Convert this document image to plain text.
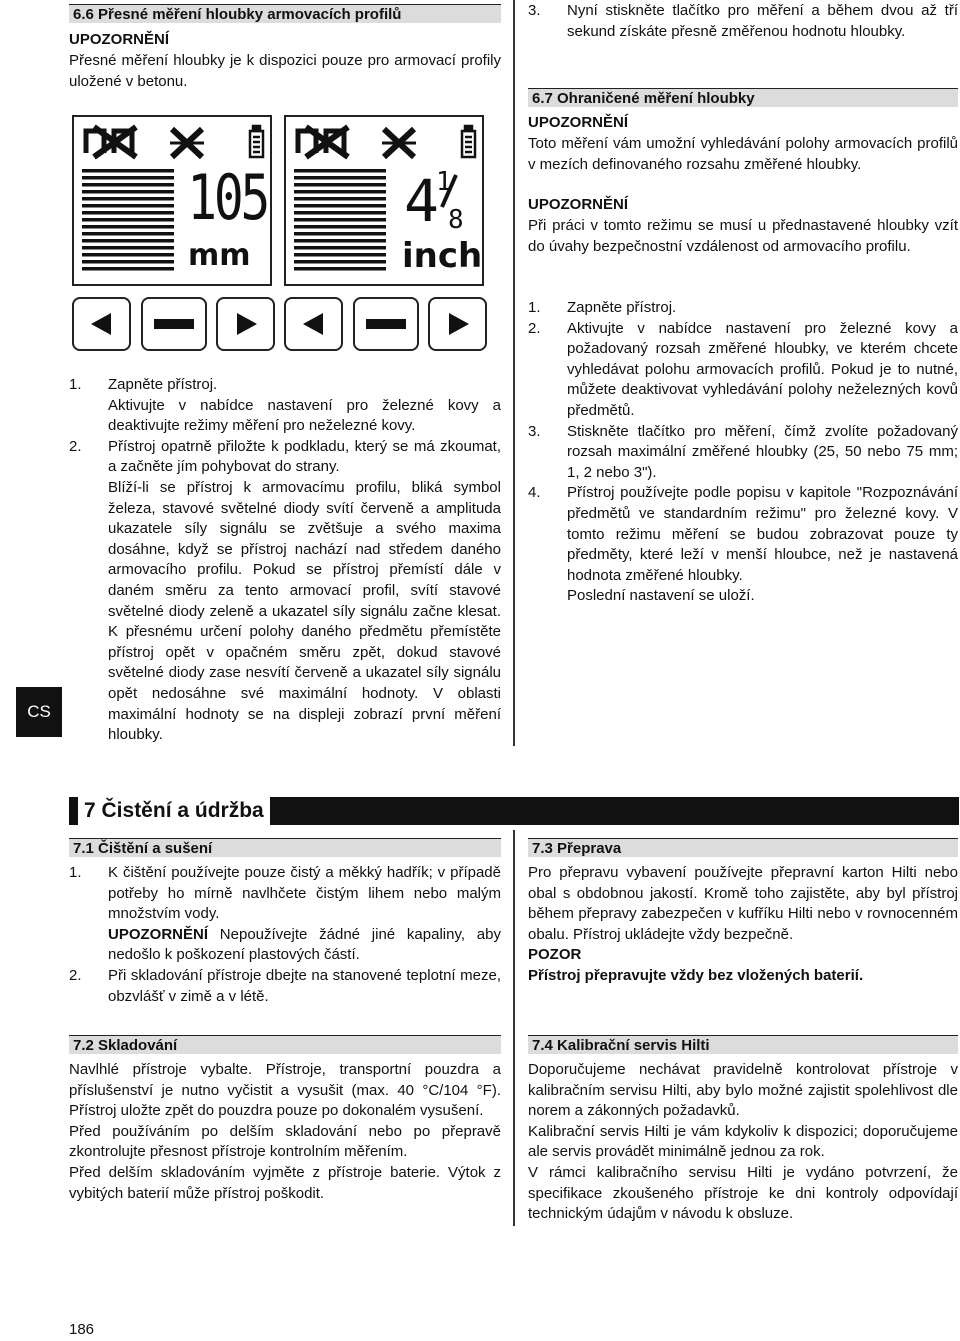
6.6 Přesné měření hloubky armovacích profilů
UPOZORNĚNÍ
Přesné měření hloubky je k dispozici pouze pro armovací profily uložené v betonu.
105
mm
4
1
8
inch
1. Zapněte přístroj.

Aktivujte v nabídce nastavení pro železné kovy a deaktivujte režimy měření pro neželezné kovy.

2. Přístroj opatrně přiložte k podkladu, který se má zkoumat, a začněte jím pohybovat do strany.

Blíží-li se přístroj k armovacímu profilu, bliká symbol železa, stavové světelné diody svítí červeně a amplituda ukazatele síly signálu se zvětšuje a svého maxima dosáhne, když se přístroj nachází nad středem daného armovacího profilu. Pokud se přístroj přemístí dále v daném směru za tento armovací profil, svítí stavové světelné diody zeleně a ukazatel síly signálu začne klesat. K přesnému určení polohy daného předmětu přemístěte přístroj opět v opačném směru zpět, dokud stavové světelné diody zase nesvítí červeně a ukazatel síly signálu opět nedosáhne své maximální hodnoty. V oblasti maximální hodnoty se na displeji zobrazí první měření hloubky.

CS
3. Nyní stiskněte tlačítko pro měření a během dvou až tří sekund získáte přesně změřenou hodnotu hloubky.

6.7 Ohraničené měření hloubky
UPOZORNĚNÍ
Toto měření vám umožní vyhledávání polohy armovacích profilů v mezích definovaného rozsahu změřené hloubky.
UPOZORNĚNÍ
Při práci v tomto režimu se musí u přednastavené hloubky vzít do úvahy bezpečnostní vzdálenost od armovacího profilu.
1. Zapněte přístroj.

2. Aktivujte v nabídce nastavení pro železné kovy a požadovaný rozsah změřené hloubky, ve kterém chcete vyhledávat polohu armovacích profilů. Pokud je to nutné, můžete deaktivovat vyhledávání polohy neželezných kovů předmětů.

3. Stiskněte tlačítko pro měření, čímž zvolíte požadovaný rozsah maximální změřené hloubky (25, 50 nebo 75 mm; 1, 2 nebo 3").

4. Přístroj používejte podle popisu v kapitole "Rozpoznávání předmětů ve standardním režimu" pro železné kovy. V tomto režimu měření se budou zobrazovat pouze ty předměty, které leží v menší hloubce, než je nastavená hodnota změřené hloubky.

Poslední nastavení se uloží.

7 Čistění a údržba
7.1 Čištění a sušení
1. K čištění používejte pouze čistý a měkký hadřík; v případě potřeby ho mírně navlhčete čistým lihem nebo malým množstvím vody.

UPOZORNĚNÍ Nepoužívejte žádné jiné kapaliny, aby nedošlo k poškození plastových částí.

2. Při skladování přístroje dbejte na stanovené teplotní meze, obzvlášť v zimě a v létě.

7.2 Skladování

Navlhlé přístroje vybalte. Přístroje, transportní pouzdra a příslušenství je nutno vyčistit a vysušit (max. 40 °C/104 °F). Přístroj uložte zpět do pouzdra pouze po dokonalém vysušení.

Před používáním po delším skladování nebo po přepravě zkontrolujte přesnost přístroje kontrolním měřením.

Před delším skladováním vyjměte z přístroje baterie. Výtok z vybitých baterií může přístroj poškodit.

7.3 Přeprava

Pro přepravu vybavení používejte přepravní karton Hilti nebo obal s obdobnou jakostí. Kromě toho zajistěte, aby byl přístroj během přepravy zabezpečen v kufříku Hilti nebo v rovnocenném obalu. Přístroj ukládejte vždy bezpečně.

POZOR

Přístroj přepravujte vždy bez vložených baterií.

7.4 Kalibrační servis Hilti

Doporučujeme nechávat pravidelně kontrolovat přístroje v kalibračním servisu Hilti, aby bylo možné zajistit spolehlivost dle norem a zákonných požadavků.

Kalibrační servis Hilti je vám kdykoliv k dispozici; doporučujeme ale servis provádět minimálně jednou za rok.

V rámci kalibračního servisu Hilti je vydáno potvrzení, že specifikace zkoušeného přístroje ke dni kontroly odpovídají technickým údajům v návodu k obsluze.

186
